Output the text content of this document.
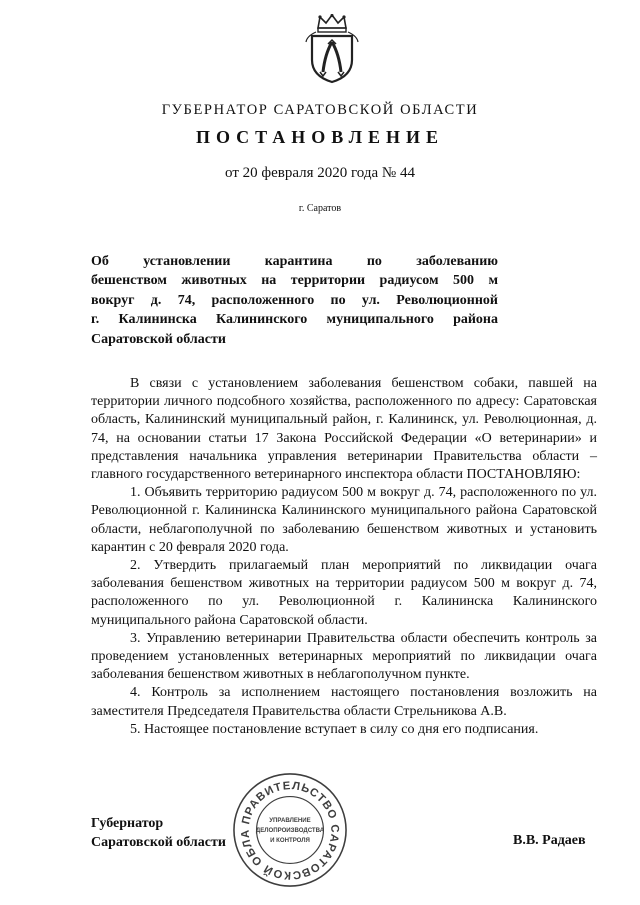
ГУБЕРНАТОР САРАТОВСКОЙ ОБЛАСТИ
ПОСТАНОВЛЕНИЕ
от 20 февраля 2020 года № 44
г. Саратов
Об установлении карантина по заболеванию
бешенством животных на территории радиусом 500 м
вокруг д. 74, расположенного по ул. Революционной
г. Калининска Калининского муниципального района
Саратовской области

В связи с установлением заболевания бешенством собаки, павшей на территории личного подсобного хозяйства, расположенного по адресу: Саратовская область, Калининский муниципальный район, г. Калининск, ул. Революционная, д. 74, на основании статьи 17 Закона Российской Федерации «О ветеринарии» и представления начальника управления ветеринарии Правительства области – главного государственного ветеринарного инспектора области ПОСТАНОВЛЯЮ:

1. Объявить территорию радиусом 500 м вокруг д. 74, расположенного по ул. Революционной г. Калининска Калининского муниципального района Саратовской области, неблагополучной по заболеванию бешенством животных и установить карантин с 20 февраля 2020 года.

2. Утвердить прилагаемый план мероприятий по ликвидации очага заболевания бешенством животных на территории радиусом 500 м вокруг д. 74, расположенного по ул. Революционной г. Калининска Калининского муниципального района Саратовской области.

3. Управлению ветеринарии Правительства области обеспечить контроль за проведением установленных ветеринарных мероприятий по ликвидации очага заболевания бешенством животных в неблагополучном пункте.

4. Контроль за исполнением настоящего постановления возложить на заместителя Председателя Правительства области Стрельникова А.В.

5. Настоящее постановление вступает в силу со дня его подписания.

Губернатор
Саратовской области	В.В. Радаев
ПРАВИТЕЛЬСТВО САРАТОВСКОЙ ОБЛА
УПРАВЛЕНИЕ
ДЕЛОПРОИЗВОДСТВА
И КОНТРОЛЯ
